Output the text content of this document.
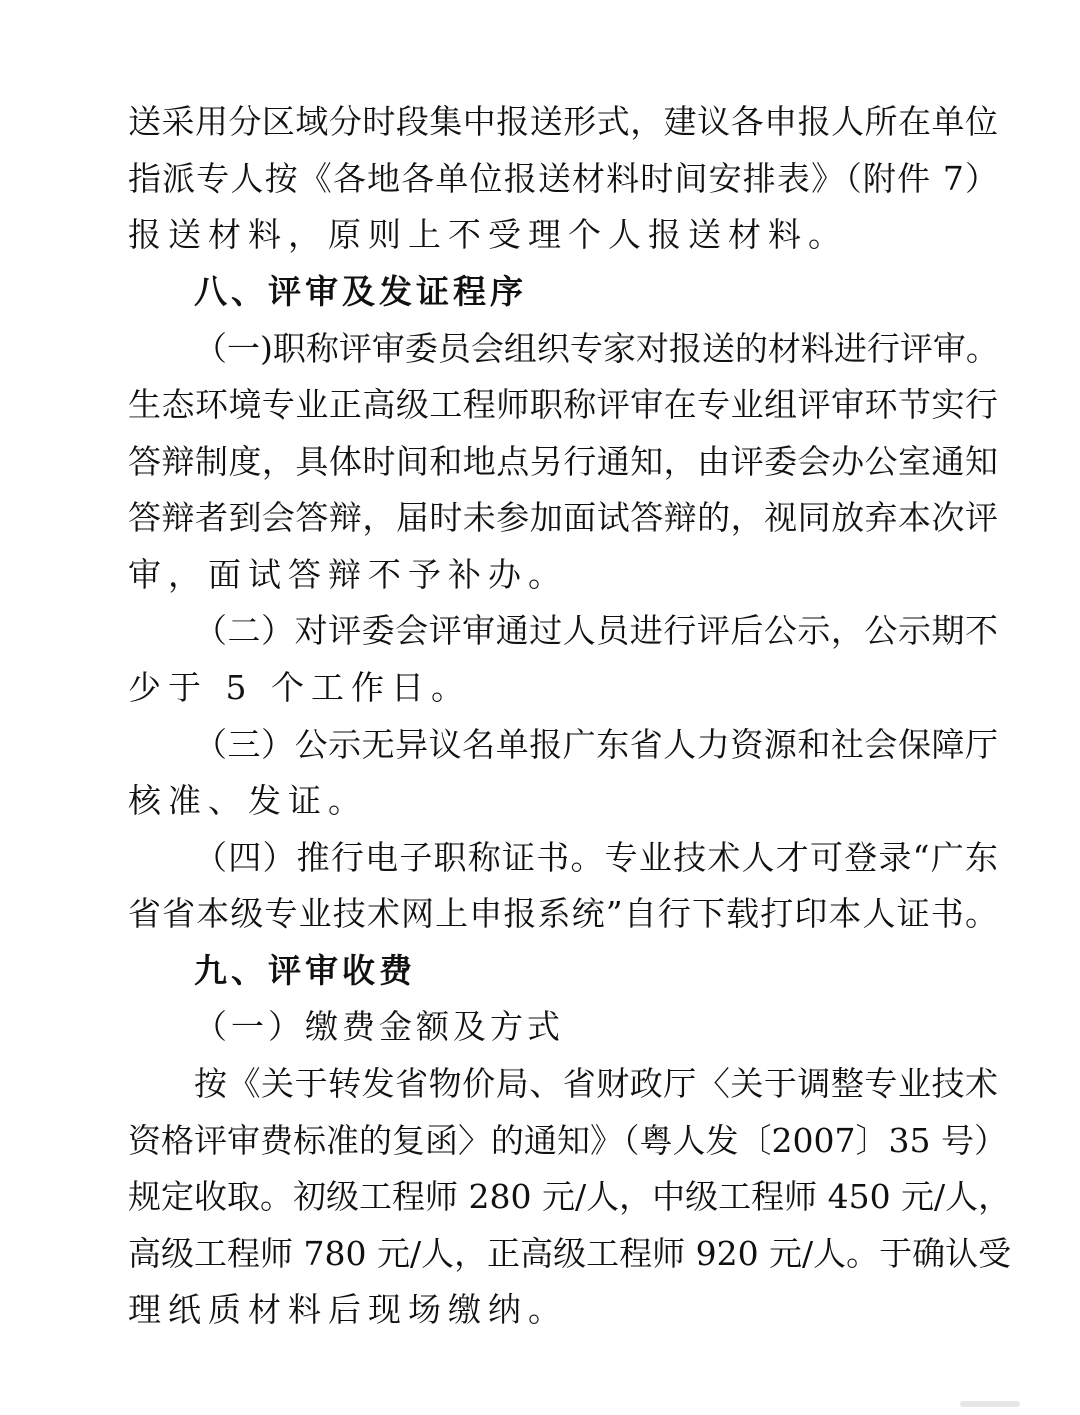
送采用分区域分时段集中报送形式，建议各申报人所在单位
指派专人按《各地各单位报送材料时间安排表》（附件 7）
报送材料，原则上不受理个人报送材料。
八、评审及发证程序
（一)职称评审委员会组织专家对报送的材料进行评审。
生态环境专业正高级工程师职称评审在专业组评审环节实行
答辩制度，具体时间和地点另行通知，由评委会办公室通知
答辩者到会答辩，届时未参加面试答辩的，视同放弃本次评
审，面试答辩不予补办。
（二）对评委会评审通过人员进行评后公示，公示期不
少于 5 个工作日。
（三）公示无异议名单报广东省人力资源和社会保障厅
核准、发证。
（四）推行电子职称证书。专业技术人才可登录“广东
省省本级专业技术网上申报系统”自行下载打印本人证书。
九、评审收费
（一）缴费金额及方式
按《关于转发省物价局、省财政厅〈关于调整专业技术
资格评审费标准的复函〉的通知》（粤人发〔2007〕35 号）
规定收取。初级工程师 280 元/人，中级工程师 450 元/人，
高级工程师 780 元/人，正高级工程师 920 元/人。于确认受
理纸质材料后现场缴纳。
